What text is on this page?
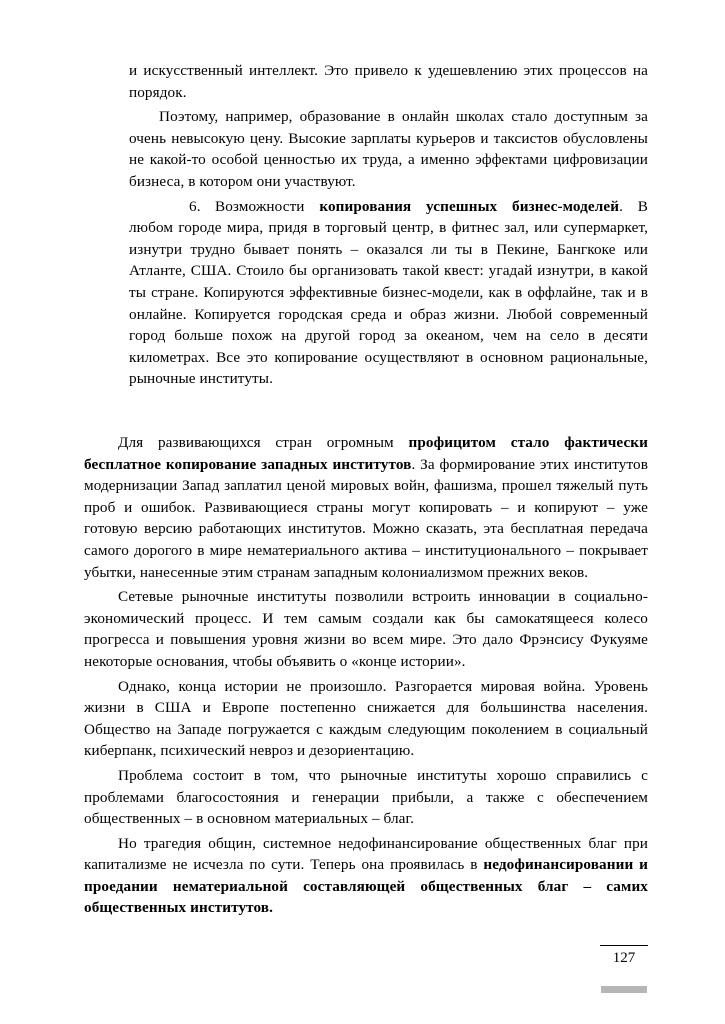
и искусственный интеллект. Это привело к удешевлению этих процессов на порядок.

Поэтому, например, образование в онлайн школах стало доступным за очень невысокую цену. Высокие зарплаты курьеров и таксистов обусловлены не какой-то особой ценностью их труда, а именно эффектами цифровизации бизнеса, в котором они участвуют.

6. Возможности копирования успешных бизнес-моделей. В любом городе мира, придя в торговый центр, в фитнес зал, или супермаркет, изнутри трудно бывает понять – оказался ли ты в Пекине, Бангкоке или Атланте, США. Стоило бы организовать такой квест: угадай изнутри, в какой ты стране. Копируются эффективные бизнес-модели, как в оффлайне, так и в онлайне. Копируется городская среда и образ жизни. Любой современный город больше похож на другой город за океаном, чем на село в десяти километрах. Все это копирование осуществляют в основном рациональные, рыночные институты.

Для развивающихся стран огромным профицитом стало фактически бесплатное копирование западных институтов. За формирование этих институтов модернизации Запад заплатил ценой мировых войн, фашизма, прошел тяжелый путь проб и ошибок. Развивающиеся страны могут копировать – и копируют – уже готовую версию работающих институтов. Можно сказать, эта бесплатная передача самого дорогого в мире нематериального актива – институционального – покрывает убытки, нанесенные этим странам западным колониализмом прежних веков.

Сетевые рыночные институты позволили встроить инновации в социально-экономический процесс. И тем самым создали как бы самокатящееся колесо прогресса и повышения уровня жизни во всем мире. Это дало Фрэнсису Фукуяме некоторые основания, чтобы объявить о «конце истории».

Однако, конца истории не произошло. Разгорается мировая война. Уровень жизни в США и Европе постепенно снижается для большинства населения. Общество на Западе погружается с каждым следующим поколением в социальный киберпанк, психический невроз и дезориентацию.

Проблема состоит в том, что рыночные институты хорошо справились с проблемами благосостояния и генерации прибыли, а также с обеспечением общественных – в основном материальных – благ.

Но трагедия общин, системное недофинансирование общественных благ при капитализме не исчезла по сути. Теперь она проявилась в недофинансировании и проедании нематериальной составляющей общественных благ – самих общественных институтов.

127
